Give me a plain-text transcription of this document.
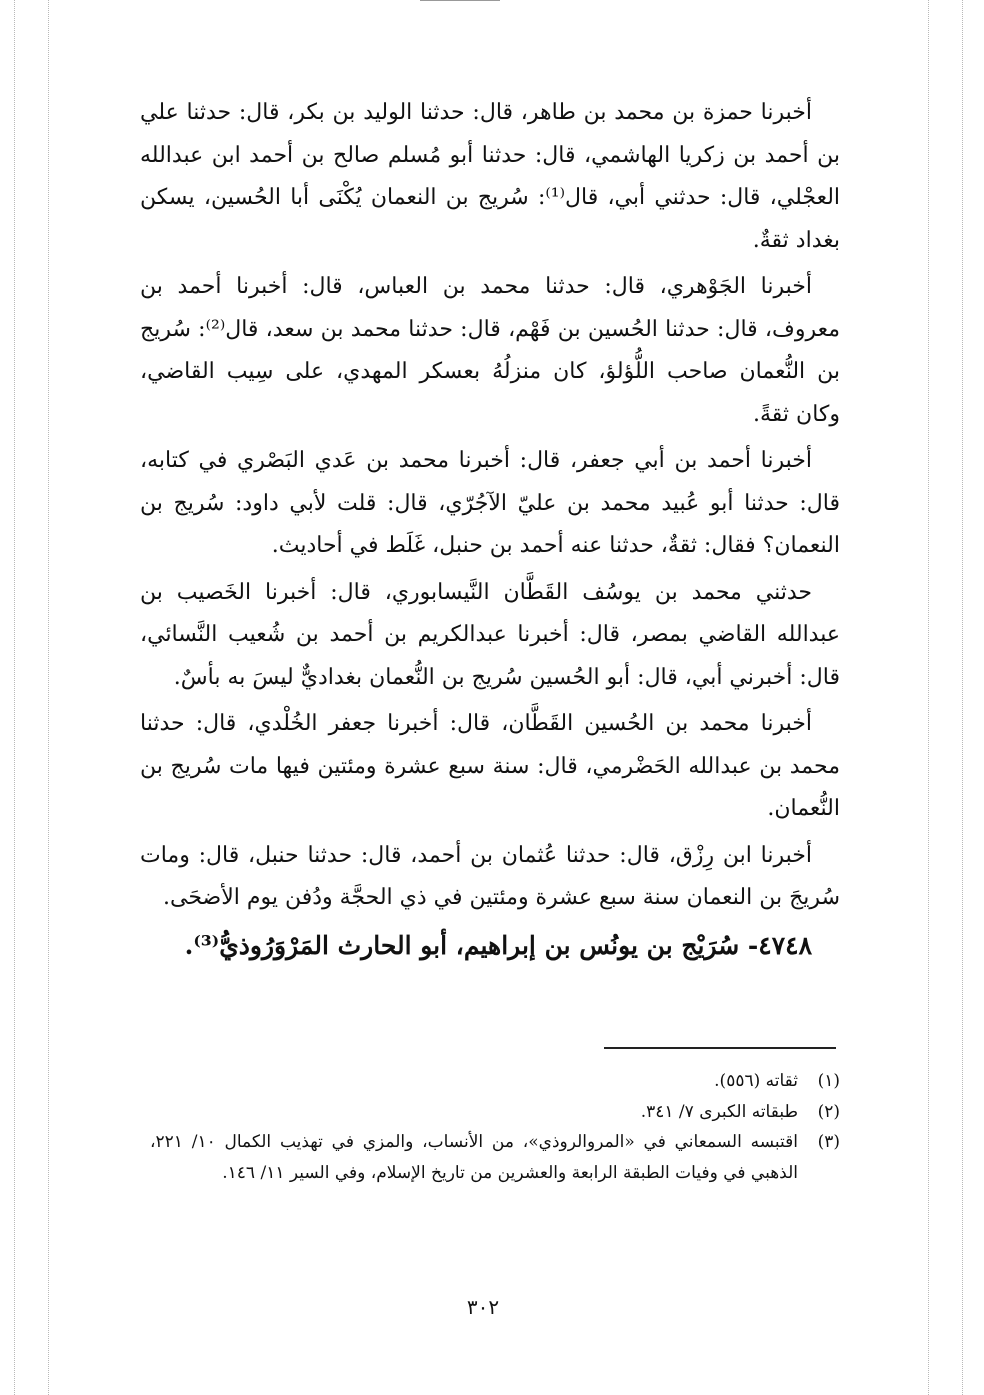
أخبرنا حمزة بن محمد بن طاهر، قال: حدثنا الوليد بن بكر، قال: حدثنا علي بن أحمد بن زكريا الهاشمي، قال: حدثنا أبو مُسلم صالح بن أحمد ابن عبدالله العجْلي، قال: حدثني أبي، قال⁽¹⁾: سُريج بن النعمان يُكْنَى أبا الحُسين، يسكن بغداد ثقةٌ.

أخبرنا الجَوْهري، قال: حدثنا محمد بن العباس، قال: أخبرنا أحمد بن معروف، قال: حدثنا الحُسين بن فَهْم، قال: حدثنا محمد بن سعد، قال⁽²⁾: سُريج بن النُّعمان صاحب اللُّؤلؤ، كان منزلُهُ بعسكر المهدي، على سِيب القاضي، وكان ثقةً.

أخبرنا أحمد بن أبي جعفر، قال: أخبرنا محمد بن عَدي البَصْري في كتابه، قال: حدثنا أبو عُبيد محمد بن عليّ الآجُرّي، قال: قلت لأبي داود: سُريج بن النعمان؟ فقال: ثقةٌ، حدثنا عنه أحمد بن حنبل، غَلَط في أحاديث.

حدثني محمد بن يوسُف القَطَّان النَّيسابوري، قال: أخبرنا الخَصيب بن عبدالله القاضي بمصر، قال: أخبرنا عبدالكريم بن أحمد بن شُعيب النَّسائي، قال: أخبرني أبي، قال: أبو الحُسين سُريج بن النُّعمان بغداديٌّ ليسَ به بأسٌ.

أخبرنا محمد بن الحُسين القَطَّان، قال: أخبرنا جعفر الخُلْدي، قال: حدثنا محمد بن عبدالله الحَضْرمي، قال: سنة سبع عشرة ومئتين فيها مات سُريج بن النُّعمان.

أخبرنا ابن رِزْق، قال: حدثنا عُثمان بن أحمد، قال: حدثنا حنبل، قال: ومات سُريجَ بن النعمان سنة سبع عشرة ومئتين في ذي الحجَّة ودُفن يوم الأضحَى.

٤٧٤٨- سُرَيْج بن يونُس بن إبراهيم، أبو الحارث المَرْوَرُوذيُّ⁽³⁾.

(١)
ثقاته (٥٥٦).
(٢)
طبقاته الكبرى ٧/ ٣٤١.
(٣)
اقتبسه السمعاني في «المروالروذي»، من الأنساب، والمزي في تهذيب الكمال ١٠/ ٢٢١، الذهبي في وفيات الطبقة الرابعة والعشرين من تاريخ الإسلام، وفي السير ١١/ ١٤٦.
٣٠٢
